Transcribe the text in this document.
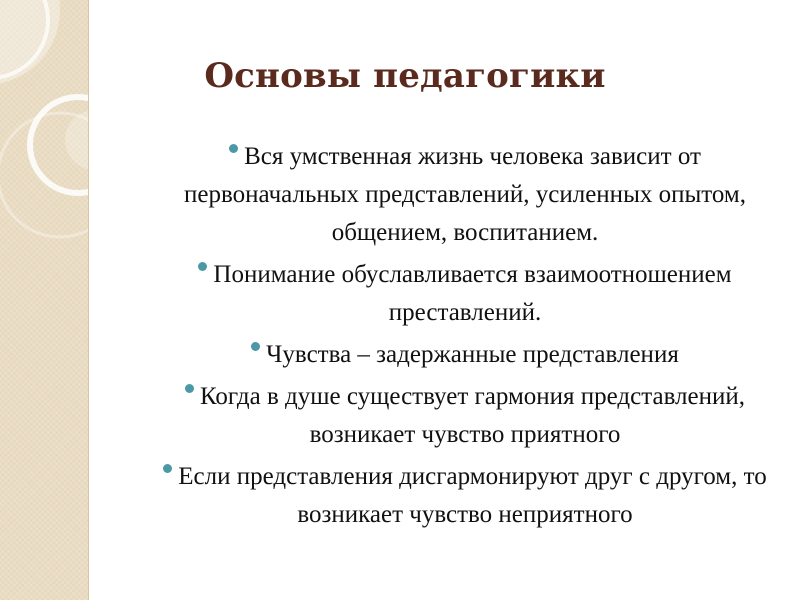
Основы педагогики
Вся умственная жизнь человека зависит от первоначальных представлений, усиленных опытом, общением, воспитанием.
Понимание обуславливается взаимоотношением преставлений.
Чувства – задержанные представления
Когда в душе существует гармония представлений, возникает чувство приятного
Если представления дисгармонируют друг с другом, то возникает чувство неприятного
